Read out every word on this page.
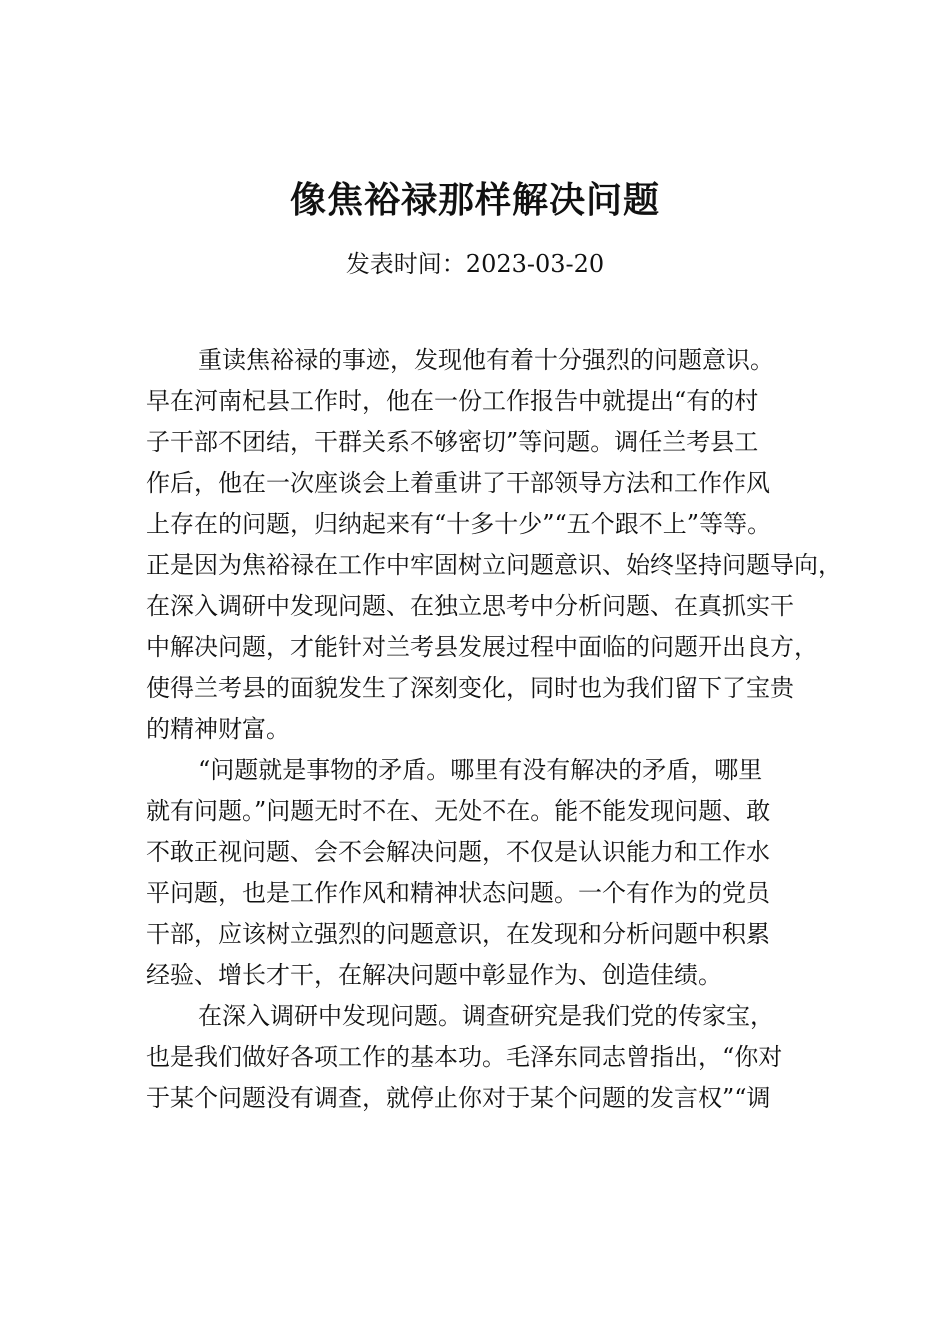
像焦裕禄那样解决问题
发表时间：2023-03-20
重读焦裕禄的事迹，发现他有着十分强烈的问题意识。
早在河南杞县工作时，他在一份工作报告中就提出“有的村
子干部不团结，干群关系不够密切”等问题。调任兰考县工
作后，他在一次座谈会上着重讲了干部领导方法和工作作风
上存在的问题，归纳起来有“十多十少”“五个跟不上”等等。
正是因为焦裕禄在工作中牢固树立问题意识、始终坚持问题导向，
在深入调研中发现问题、在独立思考中分析问题、在真抓实干
中解决问题，才能针对兰考县发展过程中面临的问题开出良方，
使得兰考县的面貌发生了深刻变化，同时也为我们留下了宝贵
的精神财富。
“问题就是事物的矛盾。哪里有没有解决的矛盾，哪里
就有问题。”问题无时不在、无处不在。能不能发现问题、敢
不敢正视问题、会不会解决问题，不仅是认识能力和工作水
平问题，也是工作作风和精神状态问题。一个有作为的党员
干部，应该树立强烈的问题意识，在发现和分析问题中积累
经验、增长才干，在解决问题中彰显作为、创造佳绩。
在深入调研中发现问题。调查研究是我们党的传家宝，
也是我们做好各项工作的基本功。毛泽东同志曾指出，“你对
于某个问题没有调查，就停止你对于某个问题的发言权”“调
